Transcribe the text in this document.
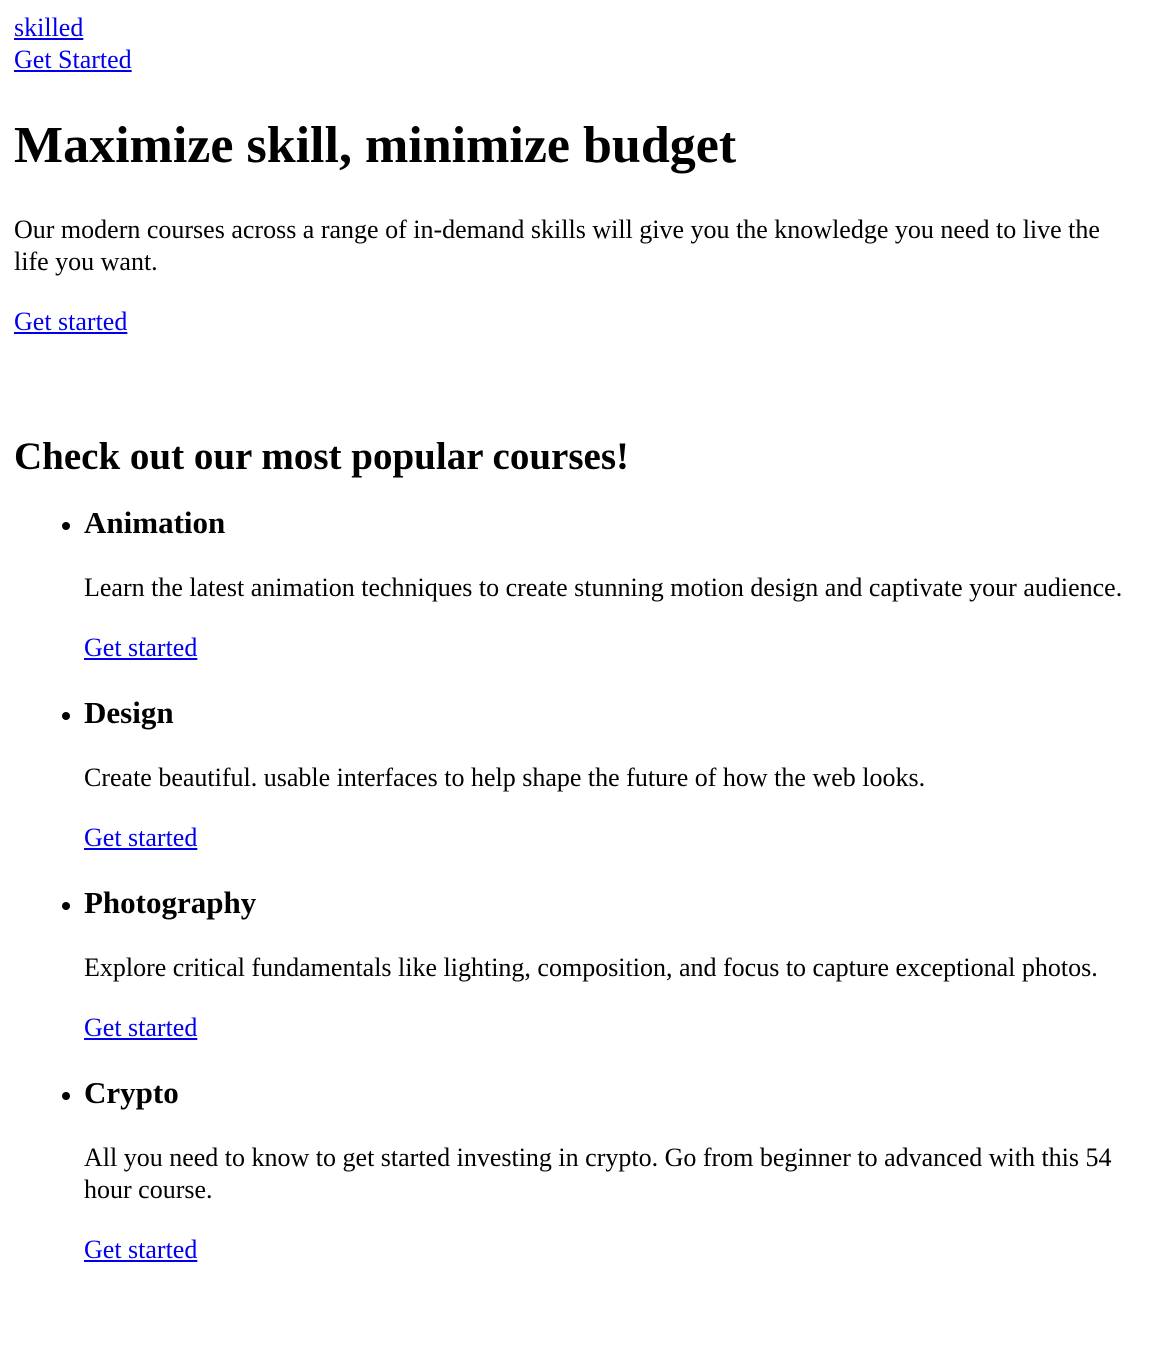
skilled
Get Started
Maximize skill, minimize budget

Our modern courses across a range of in-demand skills will give you the knowledge you need to live the life you want.

Get started
Check out our most popular courses!
• Animation

Learn the latest animation techniques to create stunning motion design and captivate your audience.

Get started
• Design

Create beautiful. usable interfaces to help shape the future of how the web looks.

Get started
• Photography

Explore critical fundamentals like lighting, composition, and focus to capture exceptional photos.

Get started
• Crypto

All you need to know to get started investing in crypto. Go from beginner to advanced with this 54 hour course.

Get started
